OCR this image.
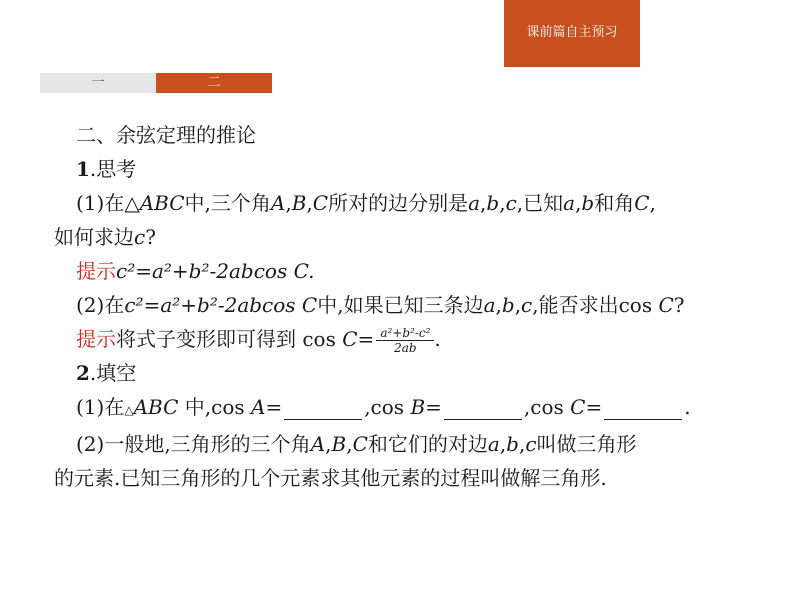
课前篇自主预习
一	二
二、余弦定理的推论
1.思考
(1)在△ABC中,三个角A,B,C所对的边分别是a,b,c,已知a,b和角C,
如何求边c?
提示c²=a²+b²-2abcos C.
(2)在c²=a²+b²-2abcos C中,如果已知三条边a,b,c,能否求出cos C?
提示将式子变形即可得到 $\cos C= \frac{\text{a²+b²-c²}}{2ab}$ .
2.填空
(1)在△ABC 中,cos A=	,cos B=	,cos C=	.
(2)一般地,三角形的三个角A,B,C和它们的对边a,b,c叫做三角形
的元素.已知三角形的几个元素求其他元素的过程叫做解三角形.
